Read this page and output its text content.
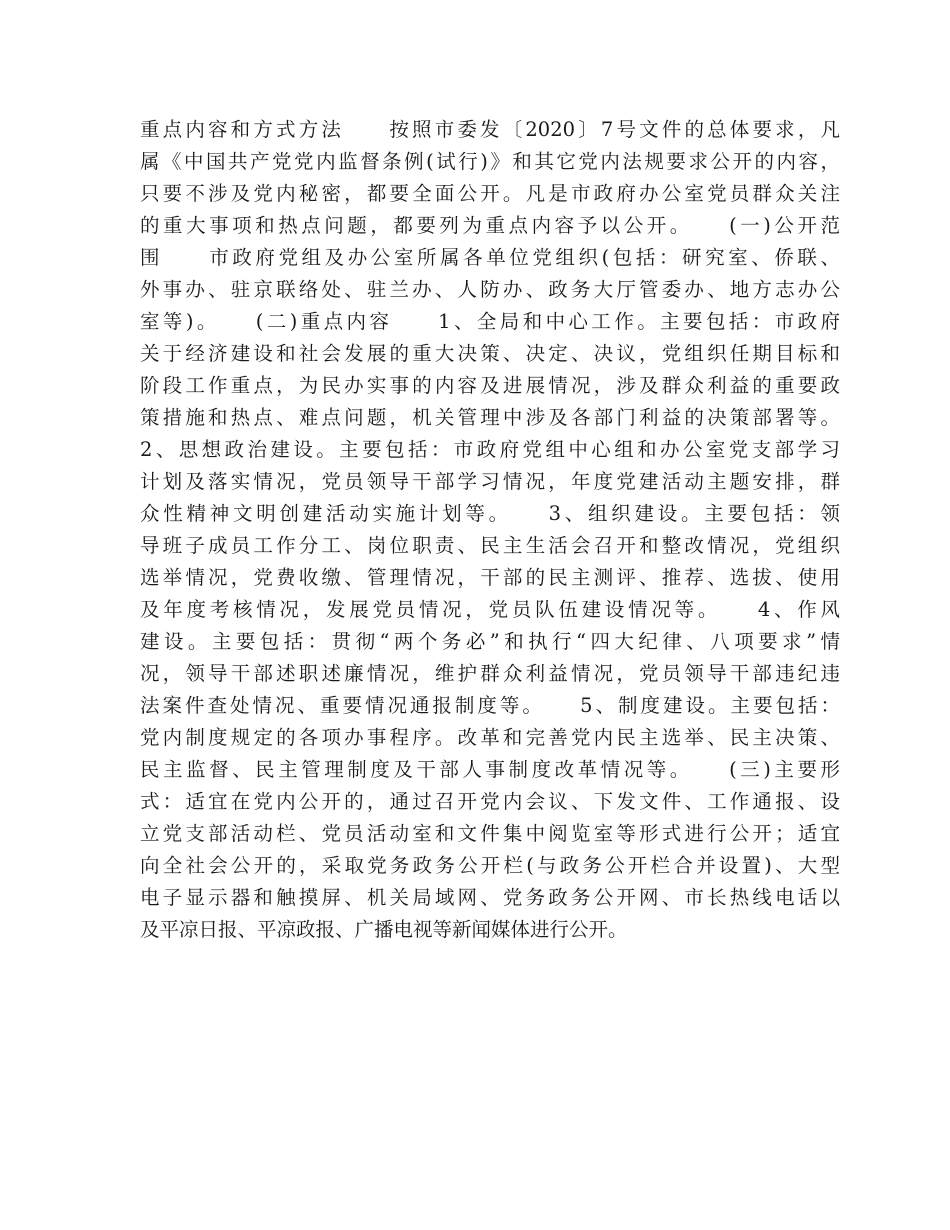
重点内容和方式方法　　按照市委发〔2020〕7号文件的总体要求，凡
属《中国共产党党内监督条例(试行)》和其它党内法规要求公开的内容，
只要不涉及党内秘密，都要全面公开。凡是市政府办公室党员群众关注
的重大事项和热点问题，都要列为重点内容予以公开。　　(一)公开范
围　　市政府党组及办公室所属各单位党组织(包括：研究室、侨联、
外事办、驻京联络处、驻兰办、人防办、政务大厅管委办、地方志办公
室等)。　　(二)重点内容　　1、全局和中心工作。主要包括：市政府
关于经济建设和社会发展的重大决策、决定、决议，党组织任期目标和
阶段工作重点，为民办实事的内容及进展情况，涉及群众利益的重要政
策措施和热点、难点问题，机关管理中涉及各部门利益的决策部署等。
2、思想政治建设。主要包括：市政府党组中心组和办公室党支部学习
计划及落实情况，党员领导干部学习情况，年度党建活动主题安排，群
众性精神文明创建活动实施计划等。　　3、组织建设。主要包括：领
导班子成员工作分工、岗位职责、民主生活会召开和整改情况，党组织
选举情况，党费收缴、管理情况，干部的民主测评、推荐、选拔、使用
及年度考核情况，发展党员情况，党员队伍建设情况等。　　4、作风
建设。主要包括：贯彻“两个务必”和执行“四大纪律、八项要求”情
况，领导干部述职述廉情况，维护群众利益情况，党员领导干部违纪违
法案件查处情况、重要情况通报制度等。　　5、制度建设。主要包括：
党内制度规定的各项办事程序。改革和完善党内民主选举、民主决策、
民主监督、民主管理制度及干部人事制度改革情况等。　　(三)主要形
式：适宜在党内公开的，通过召开党内会议、下发文件、工作通报、设
立党支部活动栏、党员活动室和文件集中阅览室等形式进行公开；适宜
向全社会公开的，采取党务政务公开栏(与政务公开栏合并设置)、大型
电子显示器和触摸屏、机关局域网、党务政务公开网、市长热线电话以
及平凉日报、平凉政报、广播电视等新闻媒体进行公开。
